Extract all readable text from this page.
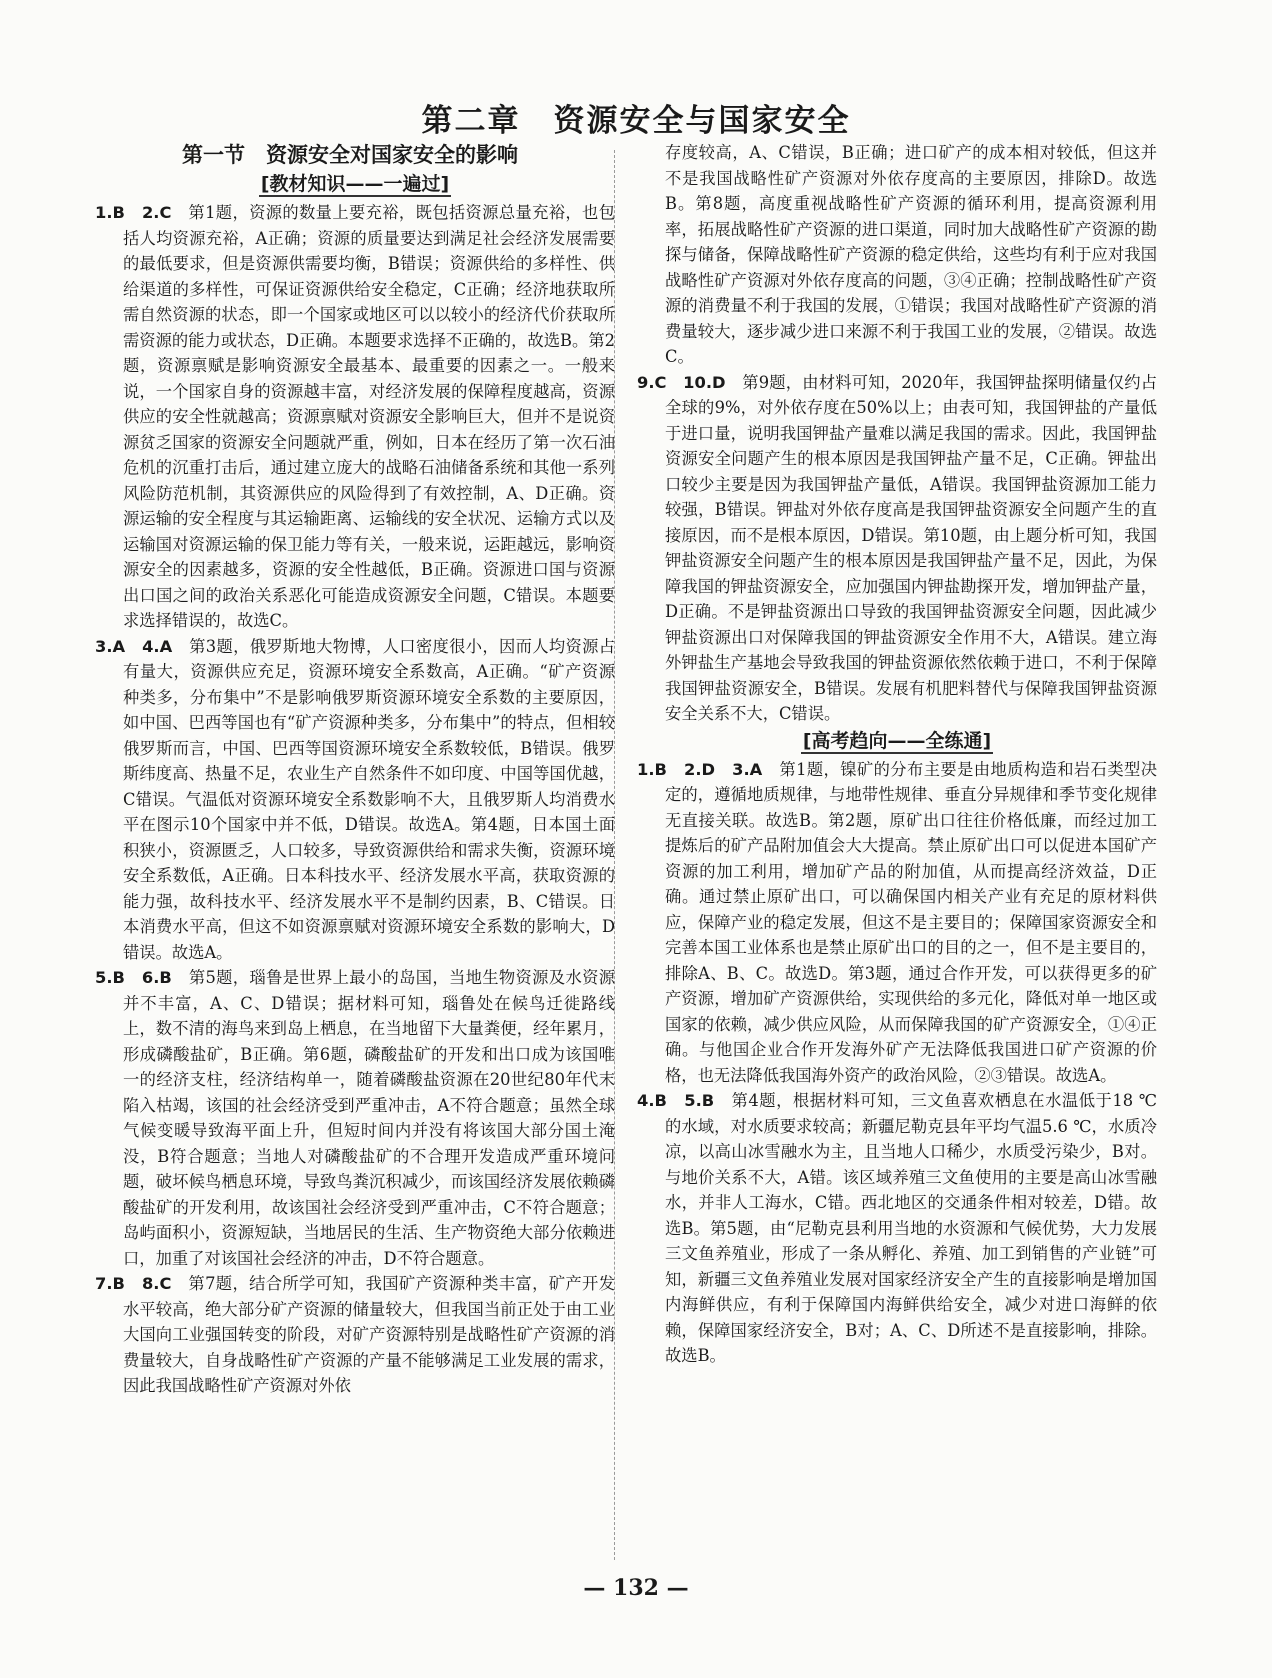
第二章　资源安全与国家安全
第一节　资源安全对国家安全的影响
[教材知识——一遍过]

1.B　2.C　第1题，资源的数量上要充裕，既包括资源总量充裕，也包括人均资源充裕，A正确；资源的质量要达到满足社会经济发展需要的最低要求，但是资源供需要均衡，B错误；资源供给的多样性、供给渠道的多样性，可保证资源供给安全稳定，C正确；经济地获取所需自然资源的状态，即一个国家或地区可以以较小的经济代价获取所需资源的能力或状态，D正确。本题要求选择不正确的，故选B。第2题，资源禀赋是影响资源安全最基本、最重要的因素之一。一般来说，一个国家自身的资源越丰富，对经济发展的保障程度越高，资源供应的安全性就越高；资源禀赋对资源安全影响巨大，但并不是说资源贫乏国家的资源安全问题就严重，例如，日本在经历了第一次石油危机的沉重打击后，通过建立庞大的战略石油储备系统和其他一系列风险防范机制，其资源供应的风险得到了有效控制，A、D正确。资源运输的安全程度与其运输距离、运输线的安全状况、运输方式以及运输国对资源运输的保卫能力等有关，一般来说，运距越远，影响资源安全的因素越多，资源的安全性越低，B正确。资源进口国与资源出口国之间的政治关系恶化可能造成资源安全问题，C错误。本题要求选择错误的，故选C。

3.A　4.A　第3题，俄罗斯地大物博，人口密度很小，因而人均资源占有量大，资源供应充足，资源环境安全系数高，A正确。“矿产资源种类多，分布集中”不是影响俄罗斯资源环境安全系数的主要原因，如中国、巴西等国也有“矿产资源种类多，分布集中”的特点，但相较俄罗斯而言，中国、巴西等国资源环境安全系数较低，B错误。俄罗斯纬度高、热量不足，农业生产自然条件不如印度、中国等国优越，C错误。气温低对资源环境安全系数影响不大，且俄罗斯人均消费水平在图示10个国家中并不低，D错误。故选A。第4题，日本国土面积狭小，资源匮乏，人口较多，导致资源供给和需求失衡，资源环境安全系数低，A正确。日本科技水平、经济发展水平高，获取资源的能力强，故科技水平、经济发展水平不是制约因素，B、C错误。日本消费水平高，但这不如资源禀赋对资源环境安全系数的影响大，D错误。故选A。

5.B　6.B　第5题，瑙鲁是世界上最小的岛国，当地生物资源及水资源并不丰富，A、C、D错误；据材料可知，瑙鲁处在候鸟迁徙路线上，数不清的海鸟来到岛上栖息，在当地留下大量粪便，经年累月，形成磷酸盐矿，B正确。第6题，磷酸盐矿的开发和出口成为该国唯一的经济支柱，经济结构单一，随着磷酸盐资源在20世纪80年代末陷入枯竭，该国的社会经济受到严重冲击，A不符合题意；虽然全球气候变暖导致海平面上升，但短时间内并没有将该国大部分国土淹没，B符合题意；当地人对磷酸盐矿的不合理开发造成严重环境问题，破坏候鸟栖息环境，导致鸟粪沉积减少，而该国经济发展依赖磷酸盐矿的开发利用，故该国社会经济受到严重冲击，C不符合题意；岛屿面积小，资源短缺，当地居民的生活、生产物资绝大部分依赖进口，加重了对该国社会经济的冲击，D不符合题意。

7.B　8.C　第7题，结合所学可知，我国矿产资源种类丰富，矿产开发水平较高，绝大部分矿产资源的储量较大，但我国当前正处于由工业大国向工业强国转变的阶段，对矿产资源特别是战略性矿产资源的消费量较大，自身战略性矿产资源的产量不能够满足工业发展的需求，因此我国战略性矿产资源对外依

存度较高，A、C错误，B正确；进口矿产的成本相对较低，但这并不是我国战略性矿产资源对外依存度高的主要原因，排除D。故选B。第8题，高度重视战略性矿产资源的循环利用，提高资源利用率，拓展战略性矿产资源的进口渠道，同时加大战略性矿产资源的勘探与储备，保障战略性矿产资源的稳定供给，这些均有利于应对我国战略性矿产资源对外依存度高的问题，③④正确；控制战略性矿产资源的消费量不利于我国的发展，①错误；我国对战略性矿产资源的消费量较大，逐步减少进口来源不利于我国工业的发展，②错误。故选C。

9.C　10.D　第9题，由材料可知，2020年，我国钾盐探明储量仅约占全球的9%，对外依存度在50%以上；由表可知，我国钾盐的产量低于进口量，说明我国钾盐产量难以满足我国的需求。因此，我国钾盐资源安全问题产生的根本原因是我国钾盐产量不足，C正确。钾盐出口较少主要是因为我国钾盐产量低，A错误。我国钾盐资源加工能力较强，B错误。钾盐对外依存度高是我国钾盐资源安全问题产生的直接原因，而不是根本原因，D错误。第10题，由上题分析可知，我国钾盐资源安全问题产生的根本原因是我国钾盐产量不足，因此，为保障我国的钾盐资源安全，应加强国内钾盐勘探开发，增加钾盐产量，D正确。不是钾盐资源出口导致的我国钾盐资源安全问题，因此减少钾盐资源出口对保障我国的钾盐资源安全作用不大，A错误。建立海外钾盐生产基地会导致我国的钾盐资源依然依赖于进口，不利于保障我国钾盐资源安全，B错误。发展有机肥料替代与保障我国钾盐资源安全关系不大，C错误。

[高考趋向——全练通]

1.B　2.D　3.A　第1题，镍矿的分布主要是由地质构造和岩石类型决定的，遵循地质规律，与地带性规律、垂直分异规律和季节变化规律无直接关联。故选B。第2题，原矿出口往往价格低廉，而经过加工提炼后的矿产品附加值会大大提高。禁止原矿出口可以促进本国矿产资源的加工利用，增加矿产品的附加值，从而提高经济效益，D正确。通过禁止原矿出口，可以确保国内相关产业有充足的原材料供应，保障产业的稳定发展，但这不是主要目的；保障国家资源安全和完善本国工业体系也是禁止原矿出口的目的之一，但不是主要目的，排除A、B、C。故选D。第3题，通过合作开发，可以获得更多的矿产资源，增加矿产资源供给，实现供给的多元化，降低对单一地区或国家的依赖，减少供应风险，从而保障我国的矿产资源安全，①④正确。与他国企业合作开发海外矿产无法降低我国进口矿产资源的价格，也无法降低我国海外资产的政治风险，②③错误。故选A。

4.B　5.B　第4题，根据材料可知，三文鱼喜欢栖息在水温低于18 ℃的水域，对水质要求较高；新疆尼勒克县年平均气温5.6 ℃，水质冷凉，以高山冰雪融水为主，且当地人口稀少，水质受污染少，B对。与地价关系不大，A错。该区域养殖三文鱼使用的主要是高山冰雪融水，并非人工海水，C错。西北地区的交通条件相对较差，D错。故选B。第5题，由“尼勒克县利用当地的水资源和气候优势，大力发展三文鱼养殖业，形成了一条从孵化、养殖、加工到销售的产业链”可知，新疆三文鱼养殖业发展对国家经济安全产生的直接影响是增加国内海鲜供应，有利于保障国内海鲜供给安全，减少对进口海鲜的依赖，保障国家经济安全，B对；A、C、D所述不是直接影响，排除。故选B。

— 132 —
